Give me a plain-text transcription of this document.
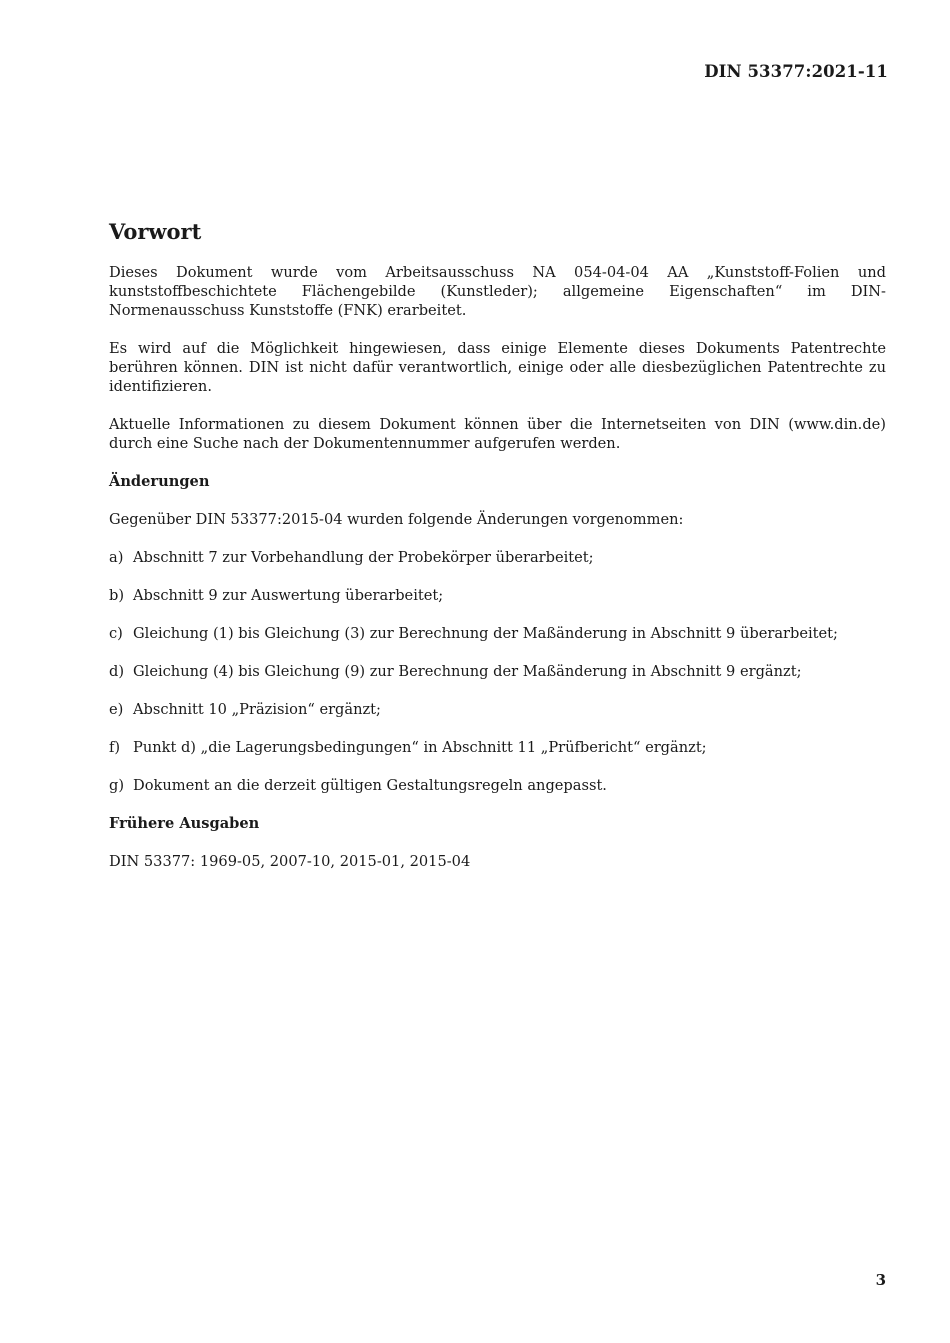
DIN 53377:2021-11
Vorwort

Dieses Dokument wurde vom Arbeitsausschuss NA 054-04-04 AA „Kunststoff-Folien und kunststoffbeschichtete Flächengebilde (Kunstleder); allgemeine Eigenschaften“ im DIN-Normenausschuss Kunststoffe (FNK) erarbeitet.

Es wird auf die Möglichkeit hingewiesen, dass einige Elemente dieses Dokuments Patentrechte berühren können. DIN ist nicht dafür verantwortlich, einige oder alle diesbezüglichen Patentrechte zu identifizieren.

Aktuelle Informationen zu diesem Dokument können über die Internetseiten von DIN (www.din.de) durch eine Suche nach der Dokumentennummer aufgerufen werden.

Änderungen

Gegenüber DIN 53377:2015-04 wurden folgende Änderungen vorgenommen:

a) Abschnitt 7 zur Vorbehandlung der Probekörper überarbeitet;
b) Abschnitt 9 zur Auswertung überarbeitet;
c) Gleichung (1) bis Gleichung (3) zur Berechnung der Maßänderung in Abschnitt 9 überarbeitet;
d) Gleichung (4) bis Gleichung (9) zur Berechnung der Maßänderung in Abschnitt 9 ergänzt;
e) Abschnitt 10 „Präzision“ ergänzt;
f) Punkt d) „die Lagerungsbedingungen“ in Abschnitt 11 „Prüfbericht“ ergänzt;
g) Dokument an die derzeit gültigen Gestaltungsregeln angepasst.
Frühere Ausgaben

DIN 53377: 1969-05, 2007-10, 2015-01, 2015-04

3
